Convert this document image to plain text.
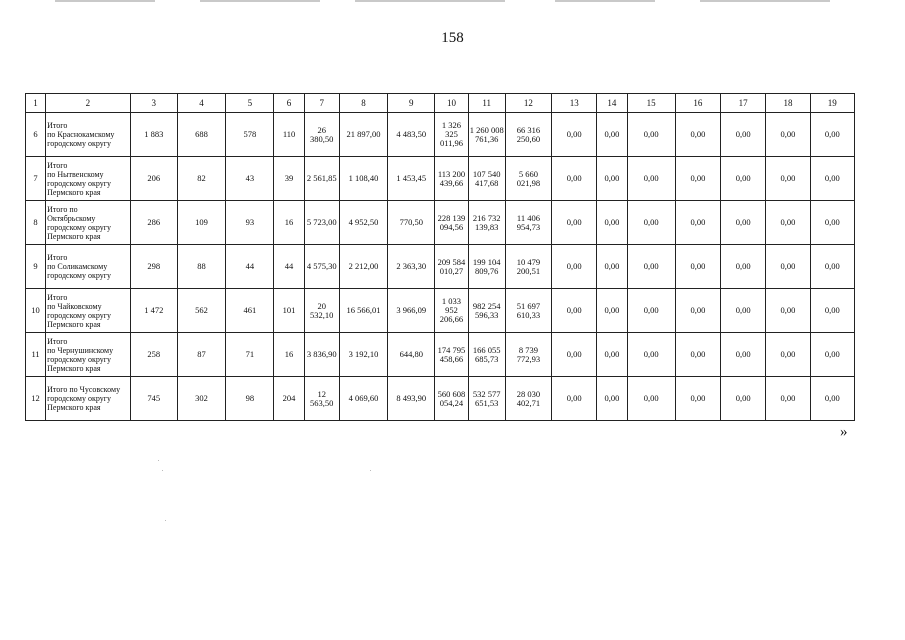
158
1	2	3	4	5	6	7	8	9	10	11	12	13	14	15	16	17	18	19
6	Итого
по Краснокамскому
городскому округу	1 883	688	578	110	26 380,50	21 897,00	4 483,50	1 326
325
011,96	1 260 008
761,36	66 316
250,60	0,00	0,00	0,00	0,00	0,00	0,00	0,00
7	Итого
по Нытвенскому
городскому округу
Пермского края	206	82	43	39	2 561,85	1 108,40	1 453,45	113 200
439,66	107 540
417,68	5 660 021,98	0,00	0,00	0,00	0,00	0,00	0,00	0,00
8	Итого по
Октябрьскому
городскому округу
Пермского края	286	109	93	16	5 723,00	4 952,50	770,50	228 139
094,56	216 732
139,83	11 406
954,73	0,00	0,00	0,00	0,00	0,00	0,00	0,00
9	Итого
по Соликамскому
городскому округу	298	88	44	44	4 575,30	2 212,00	2 363,30	209 584
010,27	199 104
809,76	10 479
200,51	0,00	0,00	0,00	0,00	0,00	0,00	0,00
10	Итого
по Чайковскому
городскому округу
Пермского края	1 472	562	461	101	20 532,10	16 566,01	3 966,09	1 033
952
206,66	982 254
596,33	51 697
610,33	0,00	0,00	0,00	0,00	0,00	0,00	0,00
11	Итого
по Чернушинскому
городскому округу
Пермского края	258	87	71	16	3 836,90	3 192,10	644,80	174 795
458,66	166 055
685,73	8 739 772,93	0,00	0,00	0,00	0,00	0,00	0,00	0,00
12	Итого по Чусовскому
городскому округу
Пермского края	745	302	98	204	12 563,50	4 069,60	8 493,90	560 608
054,24	532 577
651,53	28 030
402,71	0,00	0,00	0,00	0,00	0,00	0,00	0,00
»
